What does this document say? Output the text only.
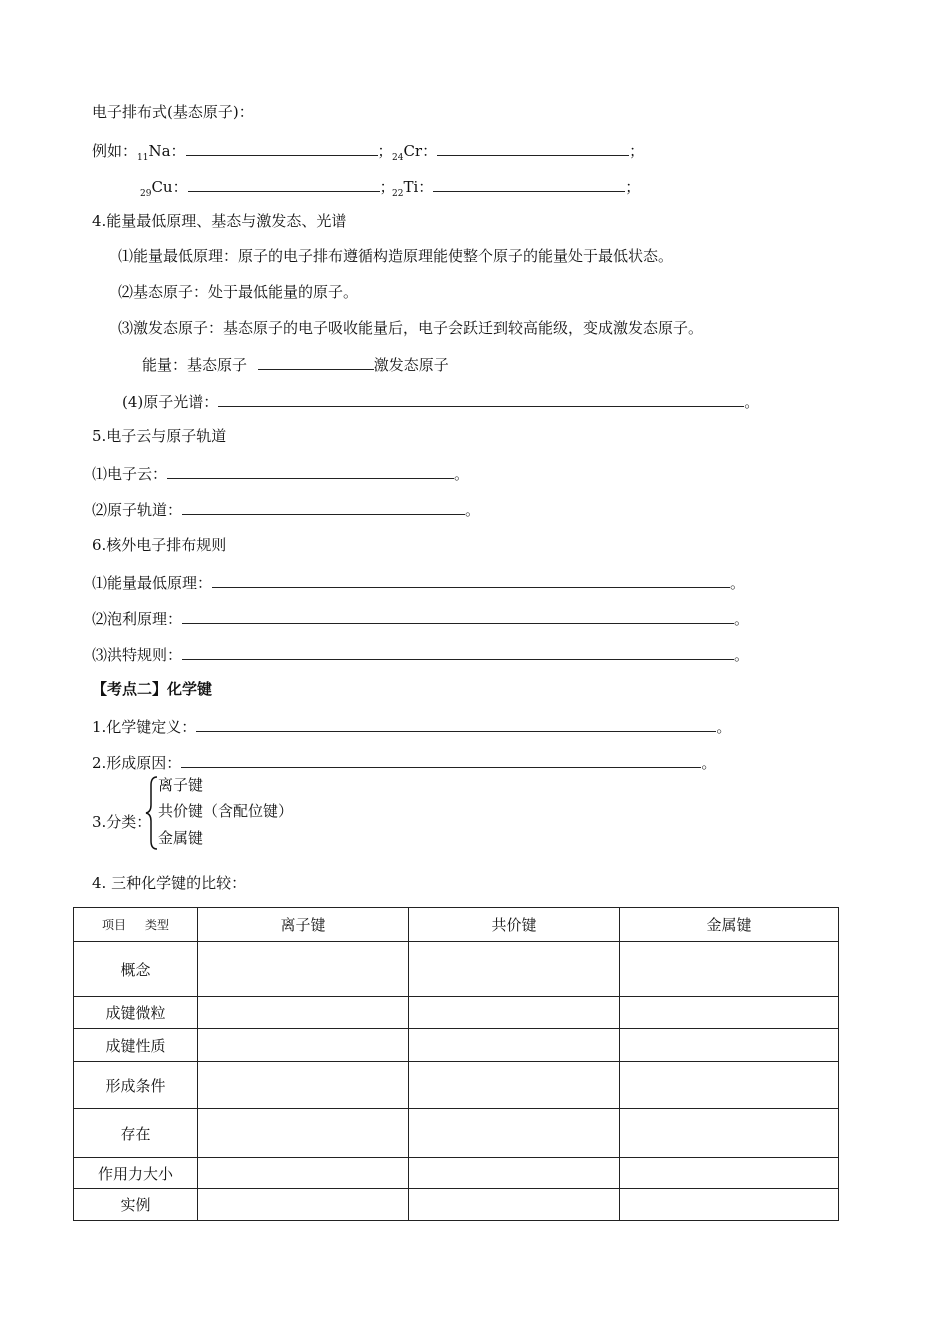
电子排布式(基态原子)：
例如：$_{11}$Na：	； $_{24}$Cr：	；
$_{29}$Cu：	；
$_{22}$Ti：	；
4.能量最低原理、基态与激发态、光谱
⑴能量最低原理：原子的电子排布遵循构造原理能使整个原子的能量处于最低状态。
⑵基态原子：处于最低能量的原子。
⑶激发态原子：基态原子的电子吸收能量后，电子会跃迁到较高能级，变成激发态原子。
能量：基态原子	激发态原子
(4)原子光谱：	。
5.电子云与原子轨道
⑴电子云：	。
⑵原子轨道：	。
6.核外电子排布规则
⑴能量最低原理：	。
⑵泡利原理：	。
⑶洪特规则：	。
【考点二】化学键
1.化学键定义：	。
2.形成原因：	。
3.分类：
离子键
共价键（含配位键）
金属键
4. 三种化学键的比较：
项目 类型	离子键	共价键	金属键
概念			
成键微粒			
成键性质			
形成条件			
存在			
作用力大小			
实例			
